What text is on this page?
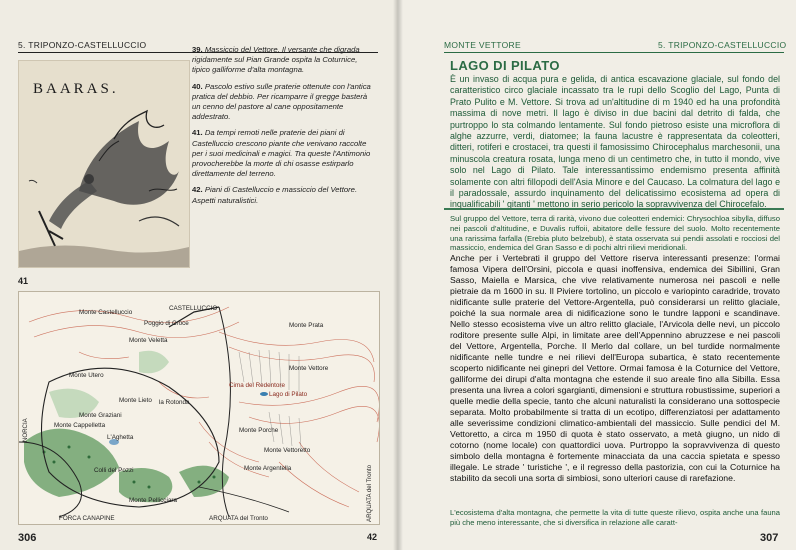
5. TRIPONZO-CASTELLUCCIO
BAARAS.

39. Massiccio del Vettore. Il versante che digrada rigidamente sul Pian Grande ospita la Coturnice, tipico galliforme d'alta montagna.

40. Pascolo estivo sulle praterie ottenute con l'antica pratica del debbio. Per ricamparre il gregge basterà un cenno del pastore al cane oppositamente addestrato.

41. Da tempi remoti nelle praterie dei piani di Castelluccio crescono piante che venivano raccolte per i suoi medicinali e magici. Tra queste l'Antimonio provocherebbe la morte di chi osasse estirparlo direttamente del terreno.

42. Piani di Castelluccio e massiccio del Vettore. Aspetti naturalistici.

41
Monte Castelluccio
CASTELLUCCIO
Poggio di Croce
Monte Veletta
Monte Prata
Monte Vettore
Monte Utero
Monte Cappelletta
Monte Lieto
L'Aghetta
la Rotonda
Monte Porche
Monte Vettoretto
Monte Argentella
Monte Pellicciara
Colli del Pozzi
Monte Graziani
Lago di Pilato
Cima del Redentore
FORCA CANAPINE	ARQUATA del Tronto
NORCIA
ARQUATA del Tronto
306	42
MONTE VETTORE	5. TRIPONZO-CASTELLUCCIO
LAGO DI PILATO
È un invaso di acqua pura e gelida, di antica escavazione glaciale, sul fondo del caratteristico circo glaciale incassato tra le rupi dello Scoglio del Lago, Punta di Prato Pulito e M. Vettore. Si trova ad un'altitudine di m 1940 ed ha una profondità massima di nove metri. Il lago è diviso in due bacini dal detrito di falda, che purtroppo lo sta colmando lentamente. Sul fondo pietroso esiste una microflora di alghe azzurre, verdi, diatomee; la fauna lacustre è rappresentata da coleotteri, ditteri, rotiferi e crostacei, tra questi il famosissimo Chirocephalus marchesonii, una minuscola creatura rosata, lunga meno di un centimetro che, in tutto il mondo, vive solo nel Lago di Pilato. Tale interessantissimo endemismo presenta affinità solamente con altri fillopodi dell'Asia Minore e del Caucaso. La colmatura del lago e il paradossale, assurdo inquinamento del delicatissimo ecosistema ad opera di inqualificabili ' gitanti ' mettono in serio pericolo la sopravvivenza del Chirocefalo.
Sul gruppo del Vettore, terra di rarità, vivono due coleotteri endemici: Chrysochloa sibylla, diffuso nei pascoli d'altitudine, e Duvalis ruffoii, abitatore delle fessure del suolo. Molto recentemente una rarissima farfalla (Erebia pluto belzebub), è stata osservata sui pendii assolati e rocciosi del massiccio, endemica del Gran Sasso e di pochi altri rilievi meridionali.
Anche per i Vertebrati il gruppo del Vettore riserva interessanti presenze: l'ormai famosa Vipera dell'Orsini, piccola e quasi inoffensiva, endemica dei Sibillini, Gran Sasso, Maiella e Marsica, che vive relativamente numerosa nei pascoli e nelle pietraie da m 1600 in su. Il Piviere tortolino, un piccolo e variopinto caradride, trovato nidificante sulle praterie del Vettore-Argentella, può considerarsi un relitto glaciale, poiché la sua normale area di nidificazione sono le tundre lapponi e scandinave. Nello stesso ecosistema vive un altro relitto glaciale, l'Arvicola delle nevi, un piccolo roditore presente sulle Alpi, in limitate aree dell'Appennino abruzzese e nei pascoli del Vettore, Argentella, Porche. Il Merlo dal collare, un bel turdide normalmente nidificante nelle tundre e nei rilievi dell'Europa subartica, è stato recentemente scoperto nidificante nei ginepri del Vettore. Ormai famosa è la Coturnice del Vettore, galliforme dei dirupi d'alta montagna che estende il suo areale fino alla Sibilla. Essa presenta una livrea a colori sgargianti, dimensioni e struttura robustissime, superiori a quelle medie della specie, tanto che alcuni naturalisti la considerano una sottospecie separata. Molto probabilmente si tratta di un ecotipo, differenziatosi per adattamento alle severissime condizioni climatico-ambientali del massiccio. Sulle pendici del M. Vettoretto, a circa m 1950 di quota è stato osservato, a metà giugno, un nido di cotorno (nome locale) con quattordici uova. Purtroppo la sopravvivenza di questo simbolo della montagna è fortemente minacciata da una caccia spietata e spesso illegale. Le strade ' turistiche ', e il regresso della pastorizia, con cui la Coturnice ha stabilito da secoli una sorta di simbiosi, sono ulteriori cause di rarefazione.
L'ecosistema d'alta montagna, che permette la vita di tutte queste rilievo, ospita anche una fauna più che meno interessante, che si diversifica in relazione alle caratt-
307
